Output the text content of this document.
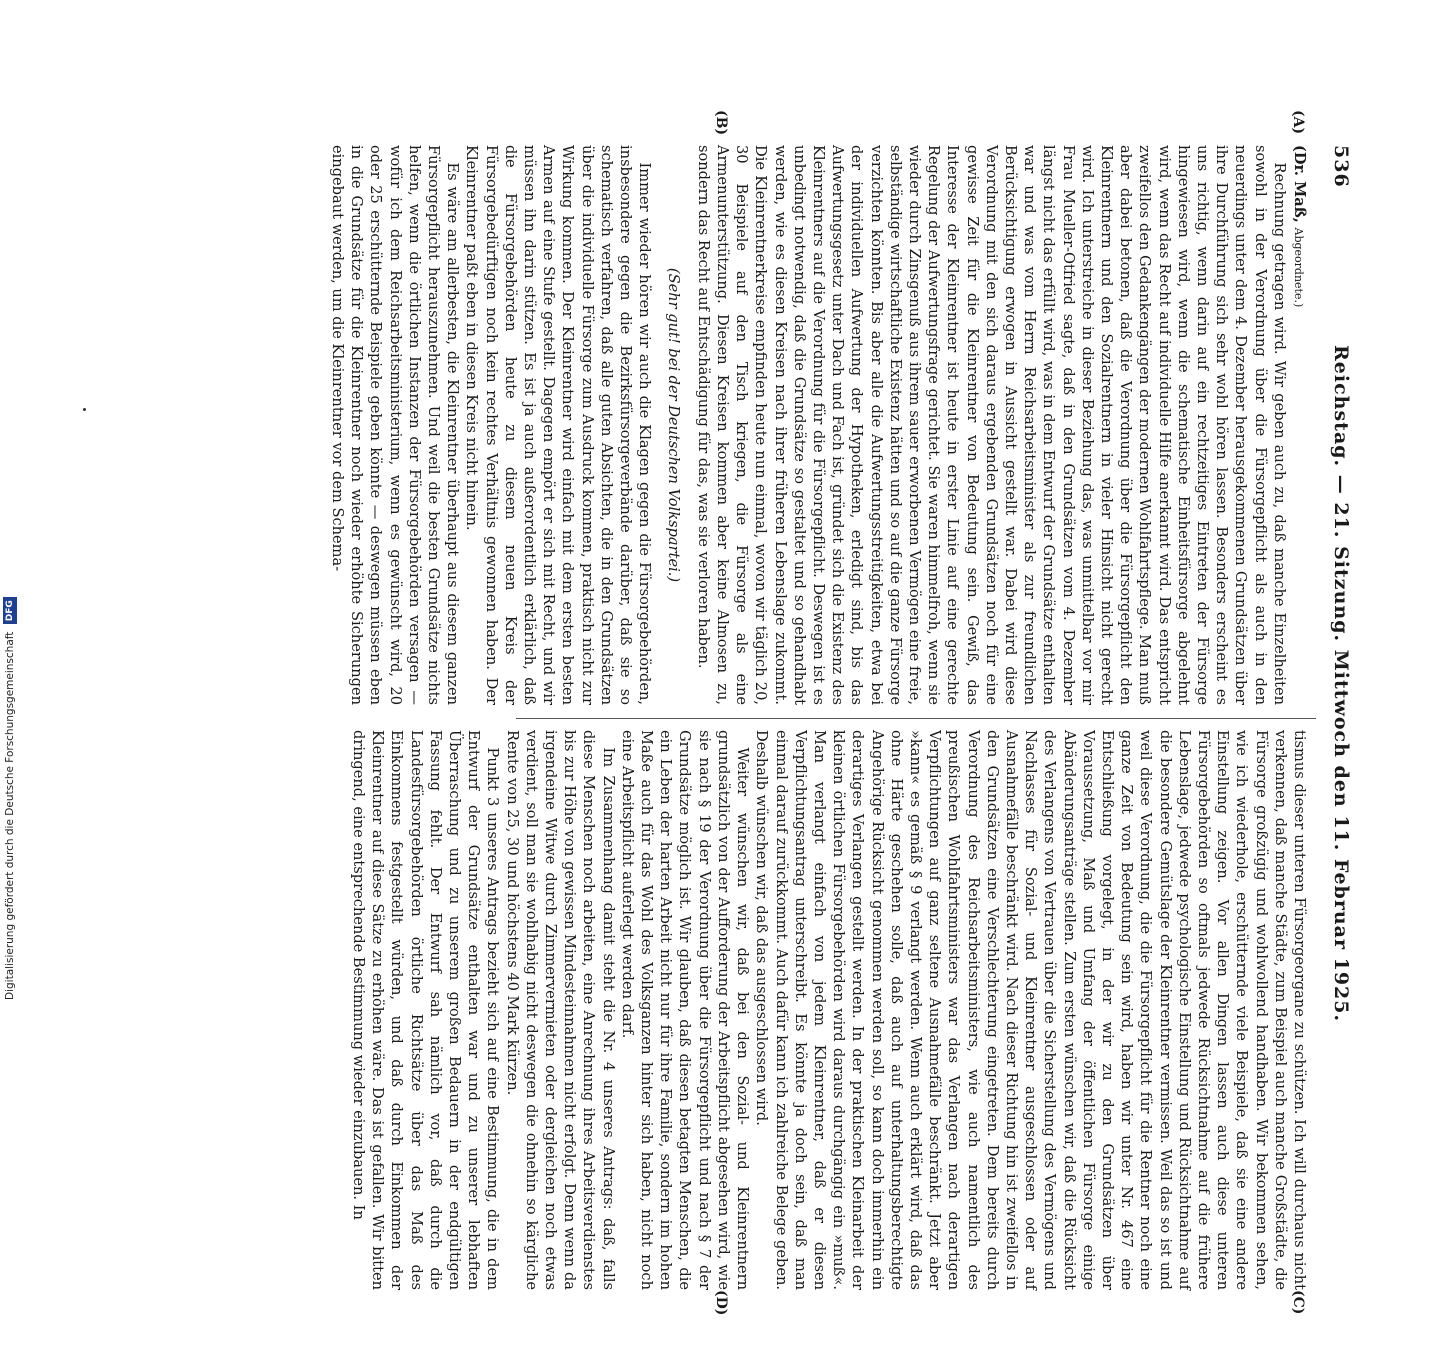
536
Reichstag. — 21. Sitzung. Mittwoch den 11. Februar 1925.
(A)
(B)
(C)
(D)

(Dr. Maß, Abgeordnete.)

Rechnung getragen wird. Wir geben auch zu, daß manche Einzelheiten sowohl in der Verordnung über die Fürsorgepflicht als auch in den neuerdings unter dem 4. Dezember herausgekommenen Grundsätzen über ihre Durchführung sich sehr wohl hören lassen. Besonders erscheint es uns richtig, wenn darin auf ein rechtzeitiges Eintreten der Fürsorge hingewiesen wird, wenn die schematische Einheitsfürsorge abgelehnt wird, wenn das Recht auf individuelle Hilfe anerkannt wird. Das entspricht zweifellos den Gedankengängen der modernen Wohlfahrtspflege. Man muß aber dabei betonen, daß die Verordnung über die Fürsorgepflicht den Kleinrentnern und den Sozialrentnern in vieler Hinsicht nicht gerecht wird. Ich unterstreiche in dieser Beziehung das, was unmittelbar vor mir Frau Mueller-Otfried sagte, daß in den Grundsätzen vom 4. Dezember längst nicht das erfüllt wird, was in dem Entwurf der Grundsätze enthalten war und was vom Herrn Reichsarbeitsminister als zur freundlichen Berücksichtigung erwogen in Aussicht gestellt war. Dabei wird diese Verordnung mit den sich daraus ergebenden Grundsätzen noch für eine gewisse Zeit für die Kleinrentner von Bedeutung sein. Gewiß, das Interesse der Kleinrentner ist heute in erster Linie auf eine gerechte Regelung der Aufwertungsfrage gerichtet. Sie waren himmelfroh, wenn sie wieder durch Zinsgenuß aus ihrem sauer erworbenen Vermögen eine freie, selbständige wirtschaftliche Existenz hätten und so auf die ganze Fürsorge verzichten könnten. Bis aber alle die Aufwertungsstreitigkeiten, etwa bei der individuellen Aufwertung der Hypotheken, erledigt sind, bis das Aufwertungsgesetz unter Dach und Fach ist, gründet sich die Existenz des Kleinrentners auf die Verordnung für die Fürsorgepflicht. Deswegen ist es unbedingt notwendig, daß die Grundsätze so gestaltet und so gehandhabt werden, wie es diesen Kreisen nach ihrer früheren Lebenslage zukommt. Die Kleinrentnerkreise empfinden heute nun einmal, wovon wir täglich 20, 30 Beispiele auf den Tisch kriegen, die Fürsorge als eine Armenunterstützung. Diesen Kreisen kommen aber keine Almosen zu, sondern das Recht auf Entschädigung für das, was sie verloren haben.

(Sehr gut! bei der Deutschen Volkspartei.)

Immer wieder hören wir auch die Klagen gegen die Fürsorgebehörden, insbesondere gegen die Bezirksfürsorgeverbände darüber, daß sie so schematisch verfahren, daß alle guten Absichten, die in den Grundsätzen über die individuelle Fürsorge zum Ausdruck kommen, praktisch nicht zur Wirkung kommen. Der Kleinrentner wird einfach mit dem ersten besten Armen auf eine Stufe gestellt. Dagegen empört er sich mit Recht, und wir müssen ihn darin stützen. Es ist ja auch außerordentlich erklärlich, daß die Fürsorgebehörden heute zu diesem neuen Kreis der Fürsorgebedürftigen noch kein rechtes Verhältnis gewonnen haben. Der Kleinrentner paßt eben in diesen Kreis nicht hinein.

Es wäre am allerbesten, die Kleinrentner überhaupt aus diesem ganzen Fürsorgepflicht herauszunehmen. Und weil die besten Grundsätze nichts helfen, wenn die örtlichen Instanzen der Fürsorgebehörden versagen — wofür ich dem Reichsarbeitsministerium, wenn es gewünscht wird, 20 oder 25 erschütternde Beispiele geben könnte — deswegen müssen eben in die Grundsätze für die Kleinrentner noch wieder erhöhte Sicherungen eingebaut werden, um die Kleinrentner vor dem Schema-

tismus dieser unteren Fürsorgeorgane zu schützen. Ich will durchaus nicht verkennen, daß manche Städte, zum Beispiel auch manche Großstädte, die Fürsorge großzügig und wohlwollend handhaben. Wir bekommen sehen, wie ich wiederhole, erschütternde viele Beispiele, daß sie eine andere Einstellung zeigen. Vor allen Dingen lassen auch diese unteren Fürsorgebehörden so oftmals jedwede Rücksichtnahme auf die frühere Lebenslage, jedwede psychologische Einstellung und Rücksichtnahme auf die besondere Gemütslage der Kleinrentner vermissen. Weil das so ist und weil diese Verordnung, die die Fürsorgepflicht für die Rentner noch eine ganze Zeit von Bedeutung sein wird, haben wir unter Nr. 467 eine Entschließung vorgelegt, in der wir zu den Grundsätzen über Voraussetzung, Maß und Umfang der öffentlichen Fürsorge einige Abänderungsanträge stellen. Zum ersten wünschen wir, daß die Rücksicht des Verlangens von Vertrauen über die Sicherstellung des Vermögens und Nachlasses für Sozial- und Kleinrentner ausgeschlossen oder auf Ausnahmefälle beschränkt wird. Nach dieser Richtung hin ist zweifellos in den Grundsätzen eine Verschlechterung eingetreten. Dem bereits durch Verordnung des Reichsarbeitsministers, wie auch namentlich des preußischen Wohlfahrtsministers war das Verlangen nach derartigen Verpflichtungen auf ganz seltene Ausnahmefälle beschränkt. Jetzt aber »kann« es gemäß § 9 verlangt werden. Wenn auch erklärt wird, daß das ohne Härte geschehen solle, daß auch auf unterhaltungsberechtigte Angehörige Rücksicht genommen werden soll, so kann doch immerhin ein derartiges Verlangen gestellt werden. In der praktischen Kleinarbeit der kleinen örtlichen Fürsorgebehörden wird daraus durchgängig ein »muß«. Man verlangt einfach von jedem Kleinrentner, daß er diesen Verpflichtungsantrag unterschreibt. Es könnte ja doch sein, daß man einmal darauf zurückkommt. Auch dafür kann ich zahlreiche Belege geben. Deshalb wünschen wir, daß das ausgeschlossen wird.

Weiter wünschen wir, daß bei den Sozial- und Kleinrentnern grundsätzlich von der Aufforderung der Arbeitspflicht abgesehen wird, wie sie nach § 19 der Verordnung über die Fürsorgepflicht und nach § 7 der Grundsätze möglich ist. Wir glauben, daß diesen betagten Menschen, die ein Leben der harten Arbeit nicht nur für ihre Familie, sondern im hohen Maße auch für das Wohl des Volksganzen hinter sich haben, nicht noch eine Arbeitspflicht auferlegt werden darf.

Im Zusammenhang damit steht die Nr. 4 unseres Antrags: daß, falls diese Menschen noch arbeiten, eine Anrechnung ihres Arbeitsverdienstes bis zur Höhe von gewissen Mindesteinnahmen nicht erfolgt. Denn wenn da irgendeine Witwe durch Zimmervermieten oder dergleichen noch etwas verdient, soll man sie wohlhabig nicht deswegen die ohnehin so kärgliche Rente von 25, 30 und höchstens 40 Mark kürzen.

Punkt 3 unseres Antrags bezieht sich auf eine Bestimmung, die in dem Entwurf der Grundsätze enthalten war und zu unserer lebhaften Überraschung und zu unserem großen Bedauern in der endgültigen Fassung fehlt. Der Entwurf sah nämlich vor, daß durch die Landesfürsorgebehörden örtliche Richtsätze über das Maß des Einkommens festgestellt würden, und daß durch Einkommen der Kleinrentner auf diese Sätze zu erhöhen wäre. Das ist gefallen. Wir bitten dringend, eine entsprechende Bestimmung wieder einzubauen. In

Digitalisierung gefördert durch die Deutsche Forschungsgemeinschaft DFG
